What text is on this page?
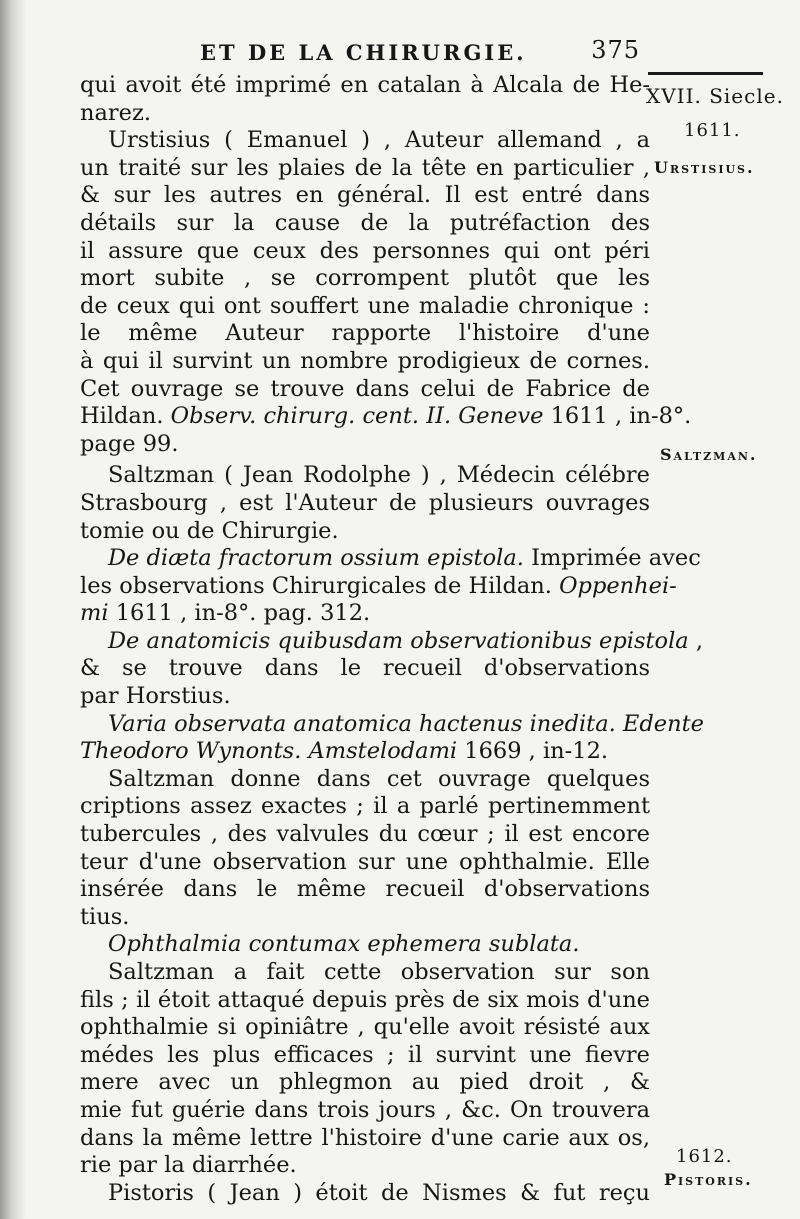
ET DE LA CHIRURGIE.	375
XVII. Siecle.
1611.
Urstisius.
Saltzman.
1612.
Pistoris.
qui avoit été imprimé en catalan à Alcala de He-
narez.
Urstisius ( Emanuel ) , Auteur allemand , a
un traité sur les plaies de la tête en particulier ,
& sur les autres en général. Il est entré dans
détails sur la cause de la putréfaction des
il assure que ceux des personnes qui ont péri
mort subite , se corrompent plutôt que les
de ceux qui ont souffert une maladie chronique :
le même Auteur rapporte l'histoire d'une
à qui il survint un nombre prodigieux de cornes.
Cet ouvrage se trouve dans celui de Fabrice de
Hildan. Observ. chirurg. cent. II. Geneve 1611 , in-8°.
page 99.
Saltzman ( Jean Rodolphe ) , Médecin célébre
Strasbourg , est l'Auteur de plusieurs ouvrages
tomie ou de Chirurgie.
De diæta fractorum ossium epistola. Imprimée avec
les observations Chirurgicales de Hildan. Oppenhei-
mi 1611 , in-8°. pag. 312.
De anatomicis quibusdam observationibus epistola ,
& se trouve dans le recueil d'observations
par Horstius.
Varia observata anatomica hactenus inedita. Edente
Theodoro Wynonts. Amstelodami 1669 , in-12.
Saltzman donne dans cet ouvrage quelques
criptions assez exactes ; il a parlé pertinemment
tubercules , des valvules du cœur ; il est encore
teur d'une observation sur une ophthalmie. Elle
insérée dans le même recueil d'observations
tius.
Ophthalmia contumax ephemera sublata.
Saltzman a fait cette observation sur son
fils ; il étoit attaqué depuis près de six mois d'une
ophthalmie si opiniâtre , qu'elle avoit résisté aux
médes les plus efficaces ; il survint une fievre
mere avec un phlegmon au pied droit , &
mie fut guérie dans trois jours , &c. On trouvera
dans la même lettre l'histoire d'une carie aux os,
rie par la diarrhée.
Pistoris ( Jean ) étoit de Nismes & fut reçu
